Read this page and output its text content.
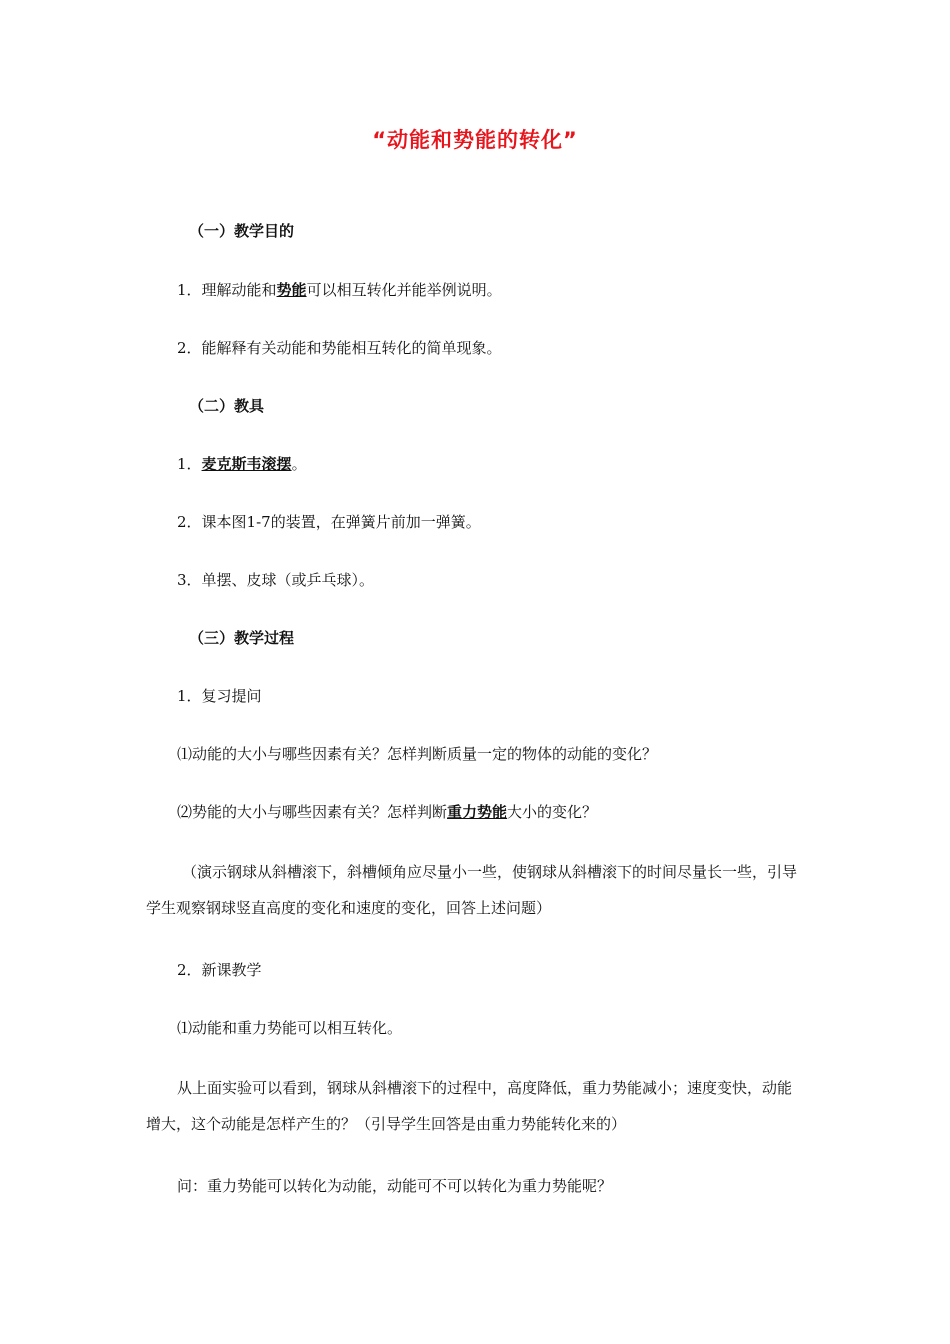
“动能和势能的转化”
（一）教学目的
1．理解动能和势能可以相互转化并能举例说明。
2．能解释有关动能和势能相互转化的简单现象。
（二）教具
1．麦克斯韦滚摆。
2．课本图1-7的装置，在弹簧片前加一弹簧。
3．单摆、皮球（或乒乓球）。
（三）教学过程
1．复习提问
⑴动能的大小与哪些因素有关？怎样判断质量一定的物体的动能的变化？
⑵势能的大小与哪些因素有关？怎样判断重力势能大小的变化？
（演示钢球从斜槽滚下，斜槽倾角应尽量小一些，使钢球从斜槽滚下的时间尽量长一些，引导学生观察钢球竖直高度的变化和速度的变化，回答上述问题）
2．新课教学
⑴动能和重力势能可以相互转化。
从上面实验可以看到，钢球从斜槽滚下的过程中，高度降低，重力势能减小；速度变快，动能增大，这个动能是怎样产生的？（引导学生回答是由重力势能转化来的）
问：重力势能可以转化为动能，动能可不可以转化为重力势能呢？
